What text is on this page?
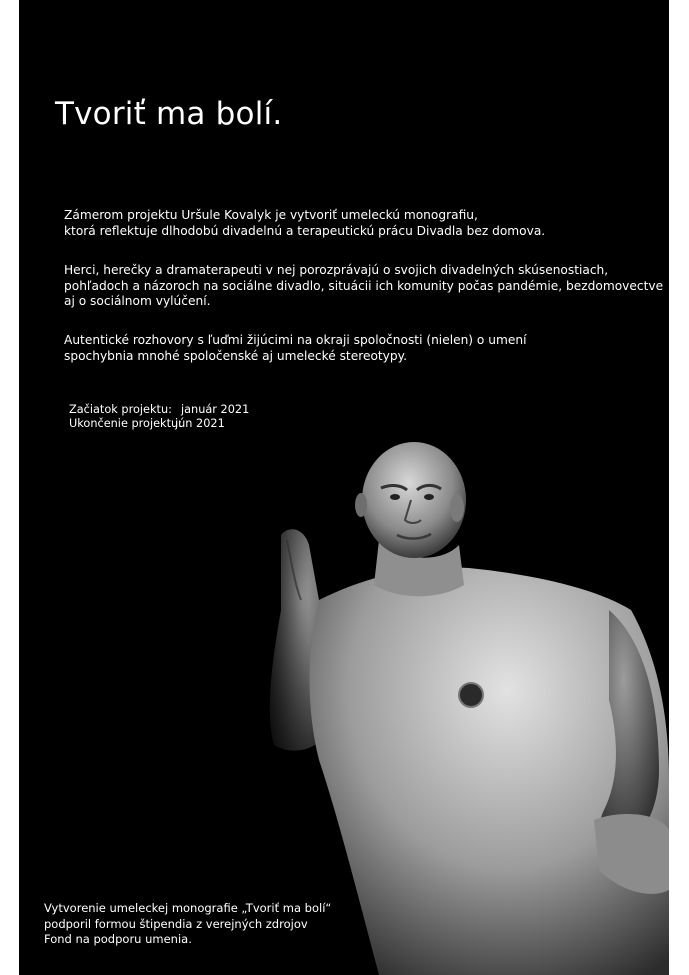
Tvoriť ma bolí.
Zámerom projektu Uršule Kovalyk je vytvoriť umeleckú monografiu,
ktorá reflektuje dlhodobú divadelnú a terapeutickú prácu Divadla bez domova.
Herci, herečky a dramaterapeuti v nej porozprávajú o svojich divadelných skúsenostiach,
pohľadoch a názoroch na sociálne divadlo, situácii ich komunity počas pandémie, bezdomovectve
aj o sociálnom vylúčení.
Autentické rozhovory s ľuďmi žijúcimi na okraji spoločnosti (nielen) o umení
spochybnia mnohé spoločenské aj umelecké stereotypy.
Začiatok projektu: január 2021
Ukončenie projektu:
jún 2021
Vytvorenie umeleckej monografie „Tvoriť ma bolí“
podporil formou štipendia z verejných zdrojov
Fond na podporu umenia.
